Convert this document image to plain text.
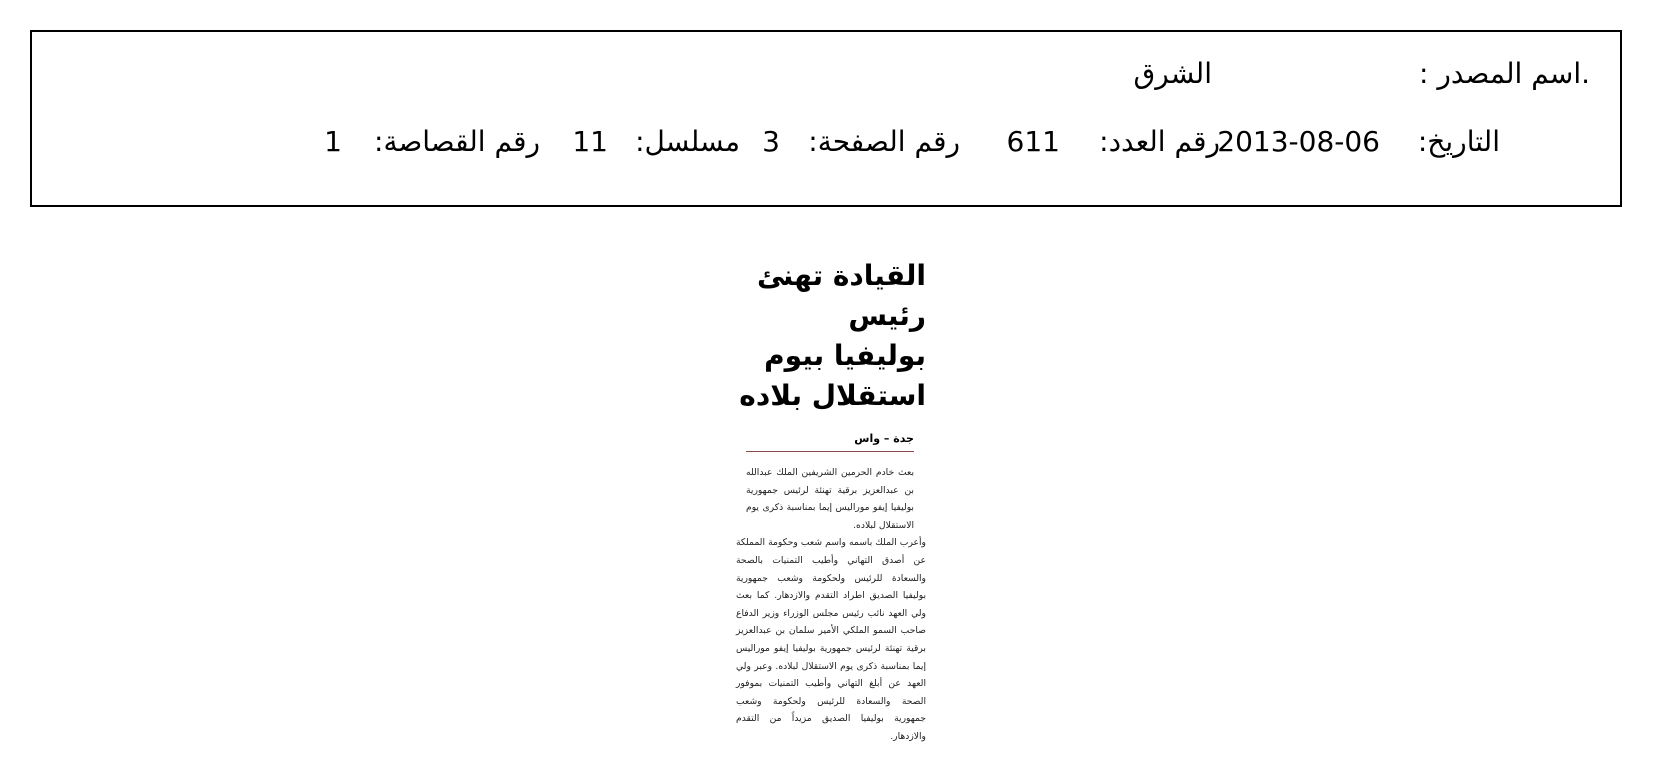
.اسم المصدر :
الشرق
التاريخ:
2013-08-06
رقم العدد:
611
رقم الصفحة:
3
مسلسل:
11
رقم القصاصة:
1
القيادة تهنئ رئيس
بوليفيا بيوم
استقلال بلاده
جدة – واس

بعث خادم الحرمين الشريفين الملك عبدالله بن عبدالعزيز برقية تهنئة لرئيس جمهورية بوليفيا إيفو موراليس إيما بمناسبة ذكرى يوم الاستقلال لبلاده.

وأعرب الملك باسمه واسم شعب وحكومة المملكة عن أصدق التهاني وأطيب التمنيات بالصحة والسعادة للرئيس ولحكومة وشعب جمهورية بوليفيا الصديق اطراد التقدم والازدهار. كما بعث ولي العهد نائب رئيس مجلس الوزراء وزير الدفاع صاحب السمو الملكي الأمير سلمان بن عبدالعزيز برقية تهنئة لرئيس جمهورية بوليفيا إيفو موراليس إيما بمناسبة ذكرى يوم الاستقلال لبلاده. وعبر ولي العهد عن أبلغ التهاني وأطيب التمنيات بموفور الصحة والسعادة للرئيس ولحكومة وشعب جمهورية بوليفيا الصديق مزيداً من التقدم والازدهار.
